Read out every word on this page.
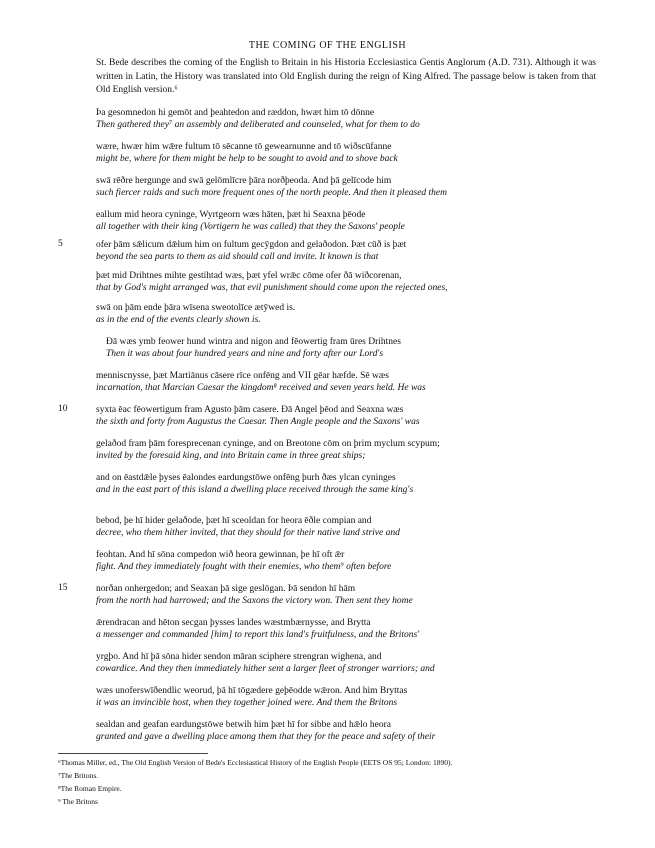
THE COMING OF THE ENGLISH
St. Bede describes the coming of the English to Britain in his Historia Ecclesiastica Gentis Anglorum (A.D. 731). Although it was written in Latin, the History was translated into Old English during the reign of King Alfred. The passage below is taken from that Old English version.⁶
Þa gesomnedon hi gemōt and þeahtedon and ræddon, hwæt him tō dōnne
Then gathered they⁷ an assembly and deliberated and counseled, what for them to do
wære, hwær him wǣre fultum tō sēcanne tō gewearnunne and tō wiðscūfanne
might be, where for them might be help to be sought to avoid and to shove back
swā rēðre hergunge and swā gelōmlīcre þāra norðþeoda. And þā gelīcode him
such fiercer raids and such more frequent ones of the north people. And then it pleased them
eallum mid heora cyninge, Wyrtgeorn wæs hāten, þæt hi Seaxna þēode
all together with their king (Vortigern he was called) that they the Saxons' people
5	ofer þām sǣlicum dǣlum him on fultum gecȳgdon and gelaðodon. Þæt cūð is þæt
beyond the sea parts to them as aid should call and invite. It known is that
þæt mid Drihtnes mihte gestihtad wæs, þæt yfel wrǣc cōme ofer ðā wiðcorenan,
that by God's might arranged was, that evil punishment should come upon the rejected ones,
swā on þām ende þāra wīsena sweotolīce ætȳwed is.
as in the end of the events clearly shown is.
Ðā wæs ymb feower hund wintra and nigon and fēowertig fram ūres Drihtnes
Then it was about four hundred years and nine and forty after our Lord's
menniscnysse, þæt Martiānus cāsere rīce onfēng and VII gēar hæfde. Sē wæs
incarnation, that Marcian Caesar the kingdom⁸ received and seven years held. He was
10	syxta ēac fēowertigum fram Agusto þām casere. Ðā Angel þēod and Seaxna wæs
the sixth and forty from Augustus the Caesar. Then Angle people and the Saxons' was
gelaðod fram þām foresprecenan cyninge, and on Breotone cōm on þrim myclum scypum;
invited by the foresaid king, and into Britain came in three great ships;
and on ēastdǣle þyses ēalondes eardungstōwe onfēng þurh ðæs ylcan cyninges
and in the east part of this island a dwelling place received through the same king's
bebod, þe hī hider gelaðode, þæt hī sceoldan for heora ēðle compian and
decree, who them hither invited, that they should for their native land strive and
feohtan. And hī sōna compedon wið heora gewinnan, þe hī oft ǣr
fight. And they immediately fought with their enemies, who them⁹ often before
15	norðan onhergedon; and Seaxan þā sige geslōgan. Þā sendon hī hām
from the north had harrowed; and the Saxons the victory won. Then sent they home
ǣrendracan and hēton secgan þysses landes wæstmbærnysse, and Brytta
a messenger and commanded [him] to report this land's fruitfulness, and the Britons'
yrgþo. And hī þā sōna hider sendon māran sciphere strengran wighena, and
cowardice. And they then immediately hither sent a larger fleet of stronger warriors; and
wæs unoferswīðendlic weorud, þā hī tōgædere geþēodde wǣron. And him Bryttas
it was an invincible host, when they together joined were. And them the Britons
sealdan and geafan eardungstōwe betwih him þæt hī for sibbe and hǣlo heora
granted and gave a dwelling place among them that they for the peace and safety of their
⁶Thomas Miller, ed., The Old English Version of Bede's Ecclesiastical History of the English People (EETS OS 95; London: 1890).
⁷The Britons.
⁸The Roman Empire.
⁹ The Britons
